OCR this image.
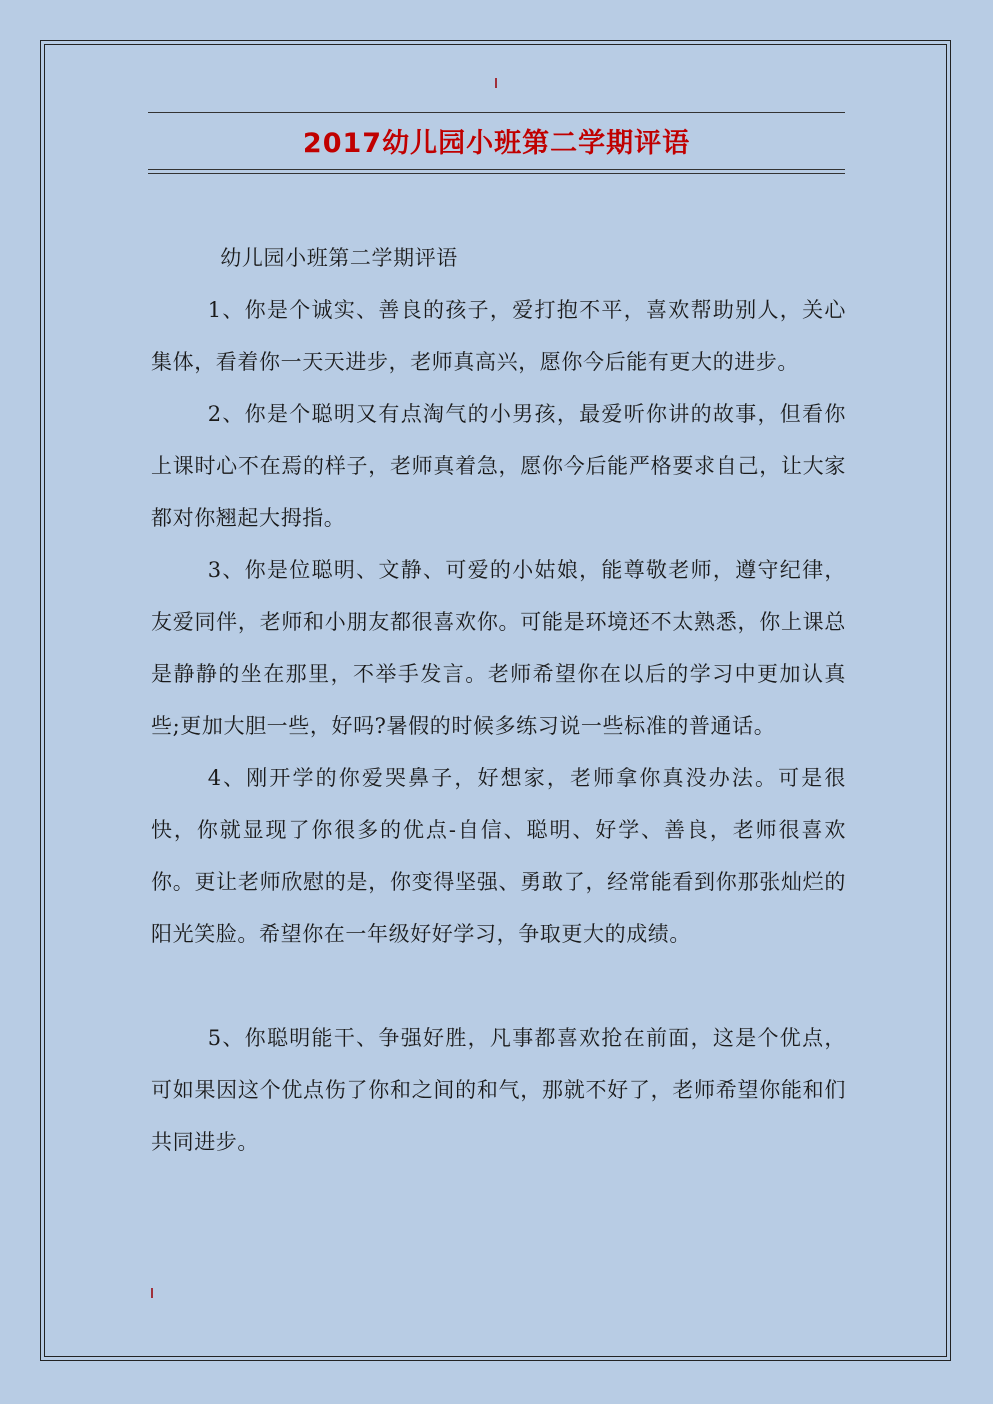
2017幼儿园小班第二学期评语

幼儿园小班第二学期评语

1、你是个诚实、善良的孩子，爱打抱不平，喜欢帮助别人，关心集体，看着你一天天进步，老师真高兴，愿你今后能有更大的进步。

2、你是个聪明又有点淘气的小男孩，最爱听你讲的故事，但看你上课时心不在焉的样子，老师真着急，愿你今后能严格要求自己，让大家都对你翘起大拇指。

3、你是位聪明、文静、可爱的小姑娘，能尊敬老师，遵守纪律，友爱同伴，老师和小朋友都很喜欢你。可能是环境还不太熟悉，你上课总是静静的坐在那里，不举手发言。老师希望你在以后的学习中更加认真些;更加大胆一些，好吗?暑假的时候多练习说一些标准的普通话。

4、刚开学的你爱哭鼻子，好想家，老师拿你真没办法。可是很快，你就显现了你很多的优点-自信、聪明、好学、善良，老师很喜欢你。更让老师欣慰的是，你变得坚强、勇敢了，经常能看到你那张灿烂的阳光笑脸。希望你在一年级好好学习，争取更大的成绩。

5、你聪明能干、争强好胜，凡事都喜欢抢在前面，这是个优点，可如果因这个优点伤了你和之间的和气，那就不好了，老师希望你能和们共同进步。
